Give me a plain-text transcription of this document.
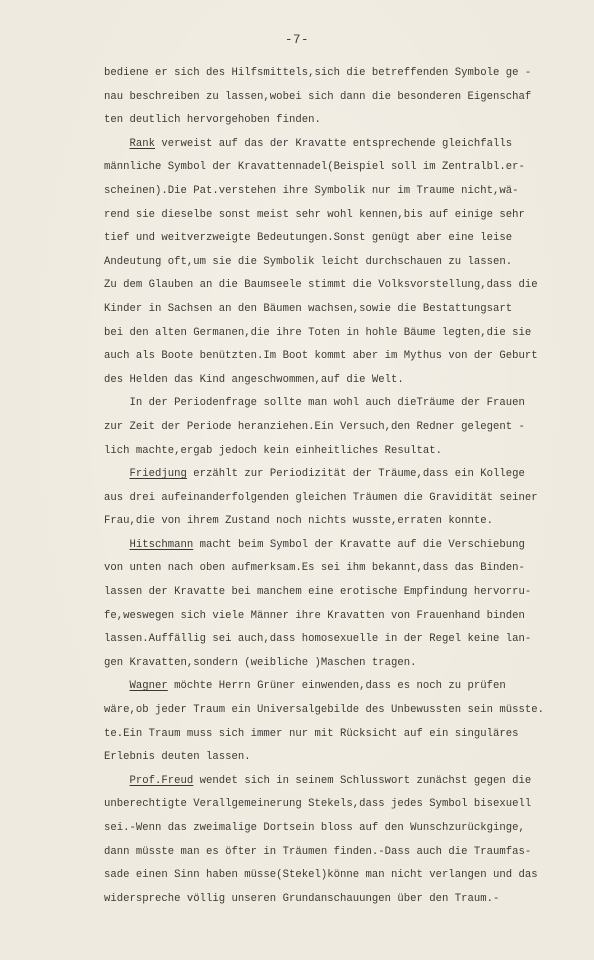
-7-
bediene er sich des Hilfsmittels,sich die betreffenden Symbole ge -
nau beschreiben zu lassen,wobei sich dann die besonderen Eigenschaf
ten deutlich hervorgehoben finden.
Rank verweist auf das der Kravatte entsprechende gleichfalls
männliche Symbol der Kravattennadel(Beispiel soll im Zentralbl.er-
scheinen).Die Pat.verstehen ihre Symbolik nur im Traume nicht,wä-
rend sie dieselbe sonst meist sehr wohl kennen,bis auf einige sehr
tief und weitverzweigte Bedeutungen.Sonst genügt aber eine leise
Andeutung oft,um sie die Symbolik leicht durchschauen zu lassen.
Zu dem Glauben an die Baumseele stimmt die Volksvorstellung,dass die
Kinder in Sachsen an den Bäumen wachsen,sowie die Bestattungsart
bei den alten Germanen,die ihre Toten in hohle Bäume legten,die sie
auch als Boote benützten.Im Boot kommt aber im Mythus von der Geburt
des Helden das Kind angeschwommen,auf die Welt.
In der Periodenfrage sollte man wohl auch dieTräume der Frauen
zur Zeit der Periode heranziehen.Ein Versuch,den Redner gelegent -
lich machte,ergab jedoch kein einheitliches Resultat.
Friedjung erzählt zur Periodizität der Träume,dass ein Kollege
aus drei aufeinanderfolgenden gleichen Träumen die Gravidität seiner
Frau,die von ihrem Zustand noch nichts wusste,erraten konnte.
Hitschmann macht beim Symbol der Kravatte auf die Verschiebung
von unten nach oben aufmerksam.Es sei ihm bekannt,dass das Binden-
lassen der Kravatte bei manchem eine erotische Empfindung hervorru-
fe,weswegen sich viele Männer ihre Kravatten von Frauenhand binden
lassen.Auffällig sei auch,dass homosexuelle in der Regel keine lan-
gen Kravatten,sondern (weibliche )Maschen tragen.
Wagner möchte Herrn Grüner einwenden,dass es noch zu prüfen
wäre,ob jeder Traum ein Universalgebilde des Unbewussten sein müsste.
te.Ein Traum muss sich immer nur mit Rücksicht auf ein singuläres
Erlebnis deuten lassen.
Prof.Freud wendet sich in seinem Schlusswort zunächst gegen die
unberechtigte Verallgemeinerung Stekels,dass jedes Symbol bisexuell
sei.-Wenn das zweimalige Dortsein bloss auf den Wunschzurückginge,
dann müsste man es öfter in Träumen finden.-Dass auch die Traumfas-
sade einen Sinn haben müsse(Stekel)könne man nicht verlangen und das
widerspreche völlig unseren Grundanschauungen über den Traum.-
